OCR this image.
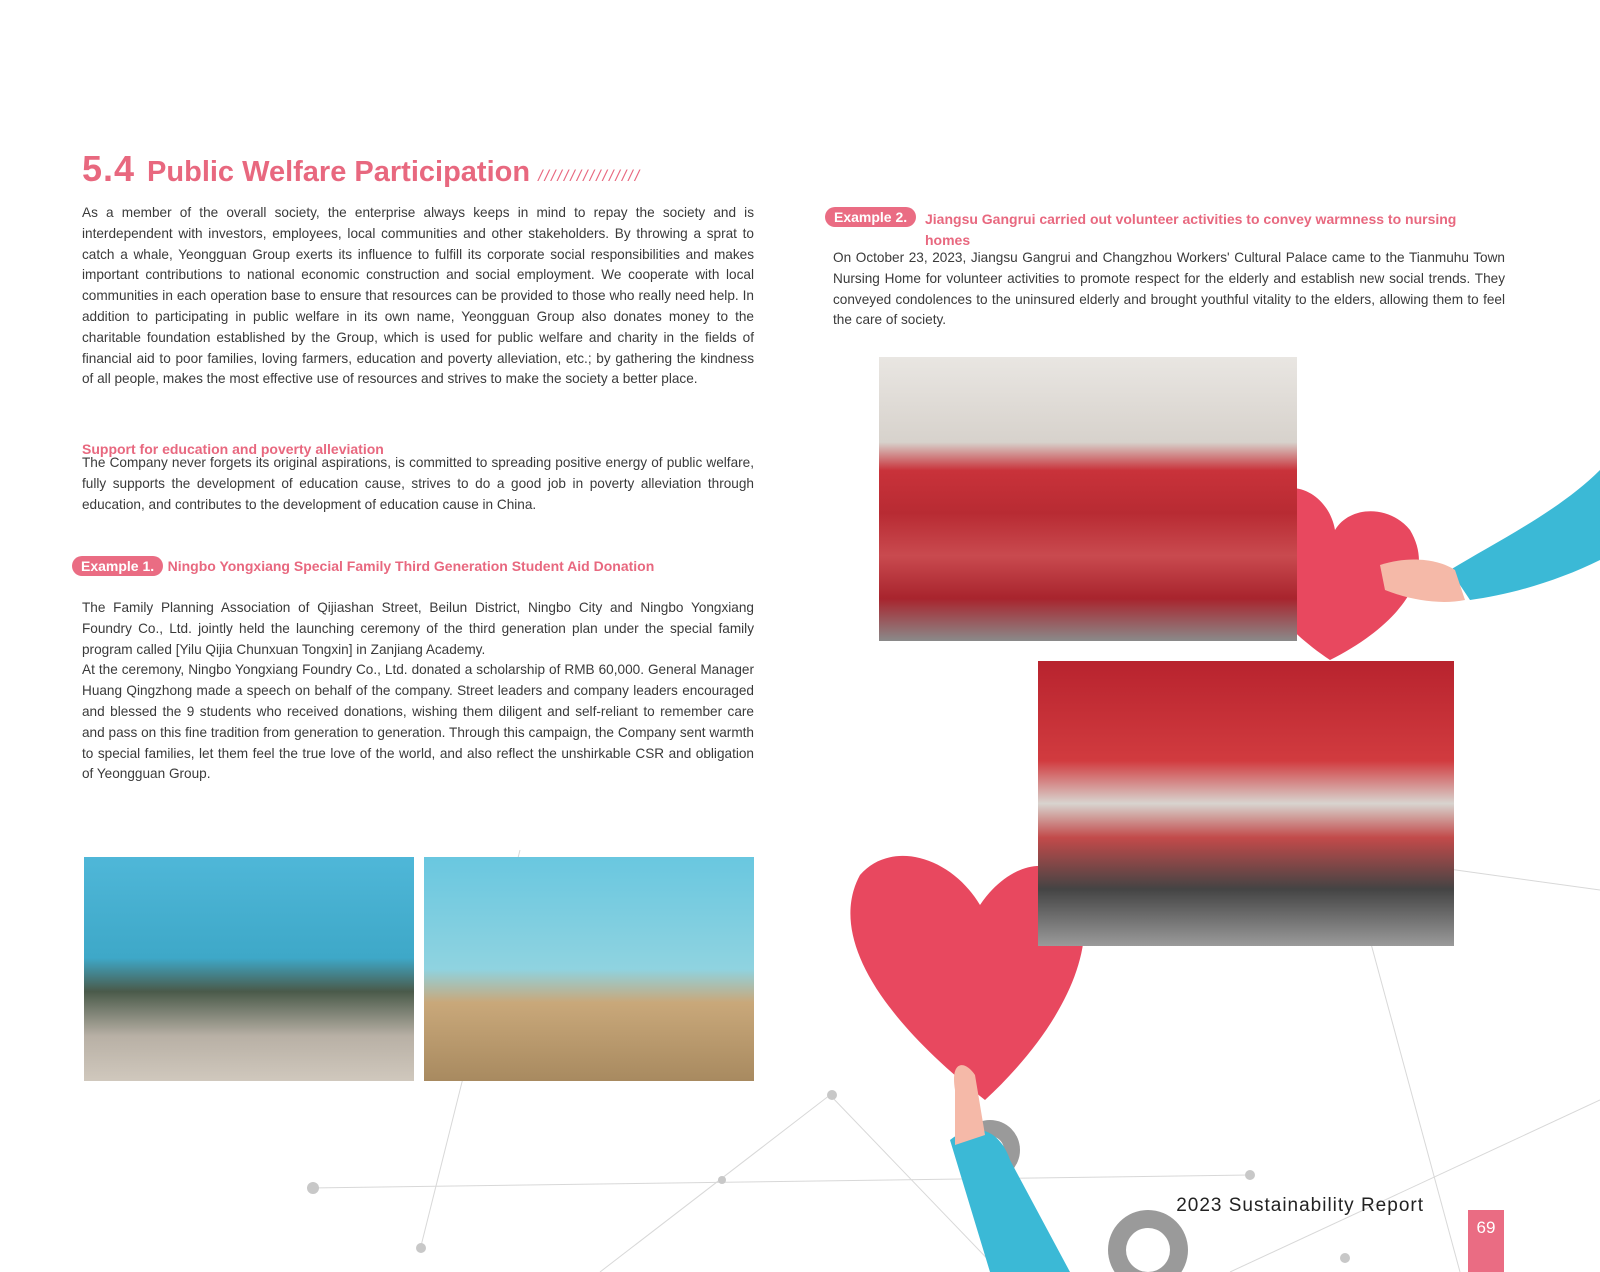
5.4 Public Welfare Participation ////////////////

As a member of the overall society, the enterprise always keeps in mind to repay the society and is interdependent with investors, employees, local communities and other stakeholders. By throwing a sprat to catch a whale, Yeongguan Group exerts its influence to fulfill its corporate social responsibilities and makes important contributions to national economic construction and social employment. We cooperate with local communities in each operation base to ensure that resources can be provided to those who really need help. In addition to participating in public welfare in its own name, Yeongguan Group also donates money to the charitable foundation established by the Group, which is used for public welfare and charity in the fields of financial aid to poor families, loving farmers, education and poverty alleviation, etc.; by gathering the kindness of all people, makes the most effective use of resources and strives to make the society a better place.

Support for education and poverty alleviation

The Company never forgets its original aspirations, is committed to spreading positive energy of public welfare, fully supports the development of education cause, strives to do a good job in poverty alleviation through education, and contributes to the development of education cause in China.

Example 1. Ningbo Yongxiang Special Family Third Generation Student Aid Donation

The Family Planning Association of Qijiashan Street, Beilun District, Ningbo City and Ningbo Yongxiang Foundry Co., Ltd. jointly held the launching ceremony of the third generation plan under the special family program called [Yilu Qijia Chunxuan Tongxin] in Zanjiang Academy.

At the ceremony, Ningbo Yongxiang Foundry Co., Ltd. donated a scholarship of RMB 60,000. General Manager Huang Qingzhong made a speech on behalf of the company. Street leaders and company leaders encouraged and blessed the 9 students who received donations, wishing them diligent and self-reliant to remember care and pass on this fine tradition from generation to generation. Through this campaign, the Company sent warmth to special families, let them feel the true love of the world, and also reflect the unshirkable CSR and obligation of Yeongguan Group.

Example 2.	Jiangsu Gangrui carried out volunteer activities to convey warmness to nursing homes

On October 23, 2023, Jiangsu Gangrui and Changzhou Workers' Cultural Palace came to the Tianmuhu Town Nursing Home for volunteer activities to promote respect for the elderly and establish new social trends. They conveyed condolences to the uninsured elderly and brought youthful vitality to the elders, allowing them to feel the care of society.

2023 Sustainability Report
69
